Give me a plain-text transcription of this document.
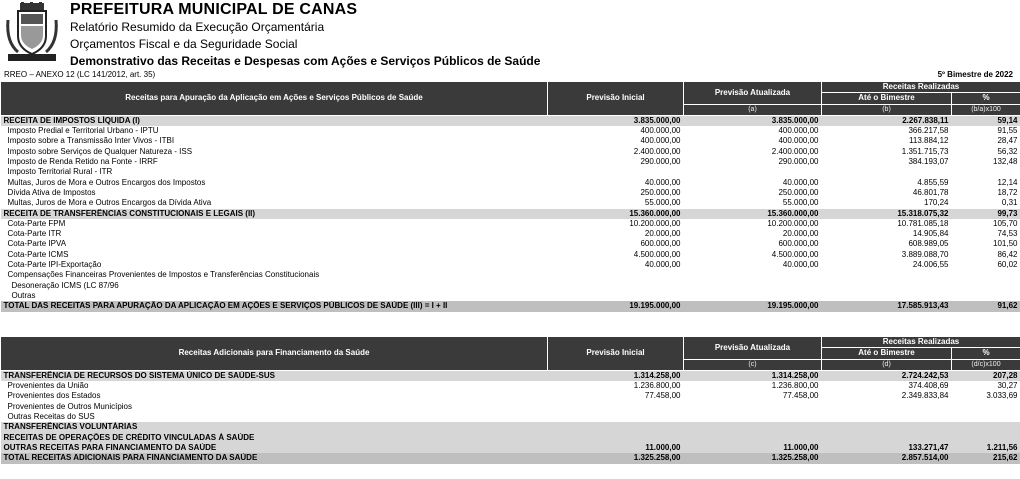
PREFEITURA MUNICIPAL DE CANAS
Relatório Resumido da Execução Orçamentária
Orçamentos Fiscal e da Seguridade Social
Demonstrativo das Receitas e Despesas com Ações e Serviços Públicos de Saúde
RREO – ANEXO 12 (LC 141/2012, art. 35)	5º Bimestre de 2022
Receitas para Apuração da Aplicação em Ações e Serviços Públicos de Saúde	Previsão Inicial	Previsão Atualizada	Receitas Realizadas	
			Até o Bimestre	%
		(a)	(b)	(b/a)x100
RECEITA DE IMPOSTOS LÍQUIDA (I)	3.835.000,00	3.835.000,00	2.267.838,11	59,14
Imposto Predial e Territorial Urbano - IPTU	400.000,00	400.000,00	366.217,58	91,55
Imposto sobre a Transmissão Inter Vivos - ITBI	400.000,00	400.000,00	113.884,12	28,47
Imposto sobre Serviços de Qualquer Natureza - ISS	2.400.000,00	2.400.000,00	1.351.715,73	56,32
Imposto de Renda Retido na Fonte - IRRF	290.000,00	290.000,00	384.193,07	132,48
Imposto Territorial Rural - ITR				
Multas, Juros de Mora e Outros Encargos dos Impostos	40.000,00	40.000,00	4.855,59	12,14
Dívida Ativa de Impostos	250.000,00	250.000,00	46.801,78	18,72
Multas, Juros de Mora e Outros Encargos da Dívida Ativa	55.000,00	55.000,00	170,24	0,31
RECEITA DE TRANSFERÊNCIAS CONSTITUCIONAIS E LEGAIS (II)	15.360.000,00	15.360.000,00	15.318.075,32	99,73
Cota-Parte FPM	10.200.000,00	10.200.000,00	10.781.085,18	105,70
Cota-Parte ITR	20.000,00	20.000,00	14.905,84	74,53
Cota-Parte IPVA	600.000,00	600.000,00	608.989,05	101,50
Cota-Parte ICMS	4.500.000,00	4.500.000,00	3.889.088,70	86,42
Cota-Parte IPI-Exportação	40.000,00	40.000,00	24.006,55	60,02
Compensações Financeiras Provenientes de Impostos e Transferências Constitucionais				
Desoneração ICMS (LC 87/96				
Outras				
TOTAL DAS RECEITAS PARA APURAÇÃO DA APLICAÇÃO EM AÇÕES E SERVIÇOS PÚBLICOS DE SAÚDE (III) = I + II	19.195.000,00	19.195.000,00	17.585.913,43	91,62
Receitas Adicionais para Financiamento da Saúde	Previsão Inicial	Previsão Atualizada	Receitas Realizadas	
			Até o Bimestre	%
		(c)	(d)	(d/c)x100
TRANSFERÊNCIA DE RECURSOS DO SISTEMA ÚNICO DE SAÚDE-SUS	1.314.258,00	1.314.258,00	2.724.242,53	207,28
Provenientes da União	1.236.800,00	1.236.800,00	374.408,69	30,27
Provenientes dos Estados	77.458,00	77.458,00	2.349.833,84	3.033,69
Provenientes de Outros Municípios				
Outras Receitas do SUS				
TRANSFERÊNCIAS VOLUNTÁRIAS				
RECEITAS DE OPERAÇÕES DE CRÉDITO VINCULADAS À SAÚDE				
OUTRAS RECEITAS PARA FINANCIAMENTO DA SAÚDE	11.000,00	11.000,00	133.271,47	1.211,56
TOTAL RECEITAS ADICIONAIS PARA FINANCIAMENTO DA SAÚDE	1.325.258,00	1.325.258,00	2.857.514,00	215,62
